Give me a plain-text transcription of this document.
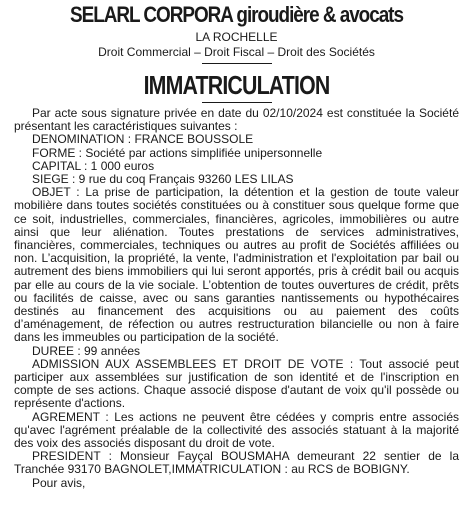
SELARL CORPORA giroudière & avocats
LA ROCHELLE
Droit Commercial – Droit Fiscal – Droit des Sociétés
IMMATRICULATION

Par acte sous signature privée en date du 02/10/2024 est constituée la Société présentant les caractéristiques suivantes :

DENOMINATION : FRANCE BOUSSOLE

FORME : Société par actions simplifiée unipersonnelle

CAPITAL : 1 000 euros

SIEGE : 9 rue du coq Français 93260 LES LILAS

OBJET : La prise de participation, la détention et la gestion de toute valeur mobilière dans toutes sociétés constituées ou à constituer sous quelque forme que ce soit, industrielles, commerciales, financières, agricoles, immobilières ou autre ainsi que leur aliénation. Toutes prestations de services administratives, financières, commerciales, techniques ou autres au profit de Sociétés affiliées ou non. L’acquisition, la propriété, la vente, l'administration et l'exploitation par bail ou autrement des biens immobiliers qui lui seront apportés, pris à crédit bail ou acquis par elle au cours de la vie sociale. L’obtention de toutes ouvertures de crédit, prêts ou facilités de caisse, avec ou sans garanties nantissements ou hypothécaires destinés au financement des acquisitions ou au paiement des coûts d’aménagement, de réfection ou autres restructuration bilancielle ou non à faire dans les immeubles ou participation de la société.

DUREE : 99 années

ADMISSION AUX ASSEMBLEES ET DROIT DE VOTE : Tout associé peut participer aux assemblées sur justification de son identité et de l'inscription en compte de ses actions. Chaque associé dispose d'autant de voix qu'il possède ou représente d'actions.

AGREMENT : Les actions ne peuvent être cédées y compris entre associés qu'avec l'agrément préalable de la collectivité des associés statuant à la majorité des voix des associés disposant du droit de vote.

PRESIDENT : Monsieur Fayçal BOUSMAHA demeurant 22 sentier de la Tranchée 93170 BAGNOLET,IMMATRICULATION : au RCS de BOBIGNY.

Pour avis,
